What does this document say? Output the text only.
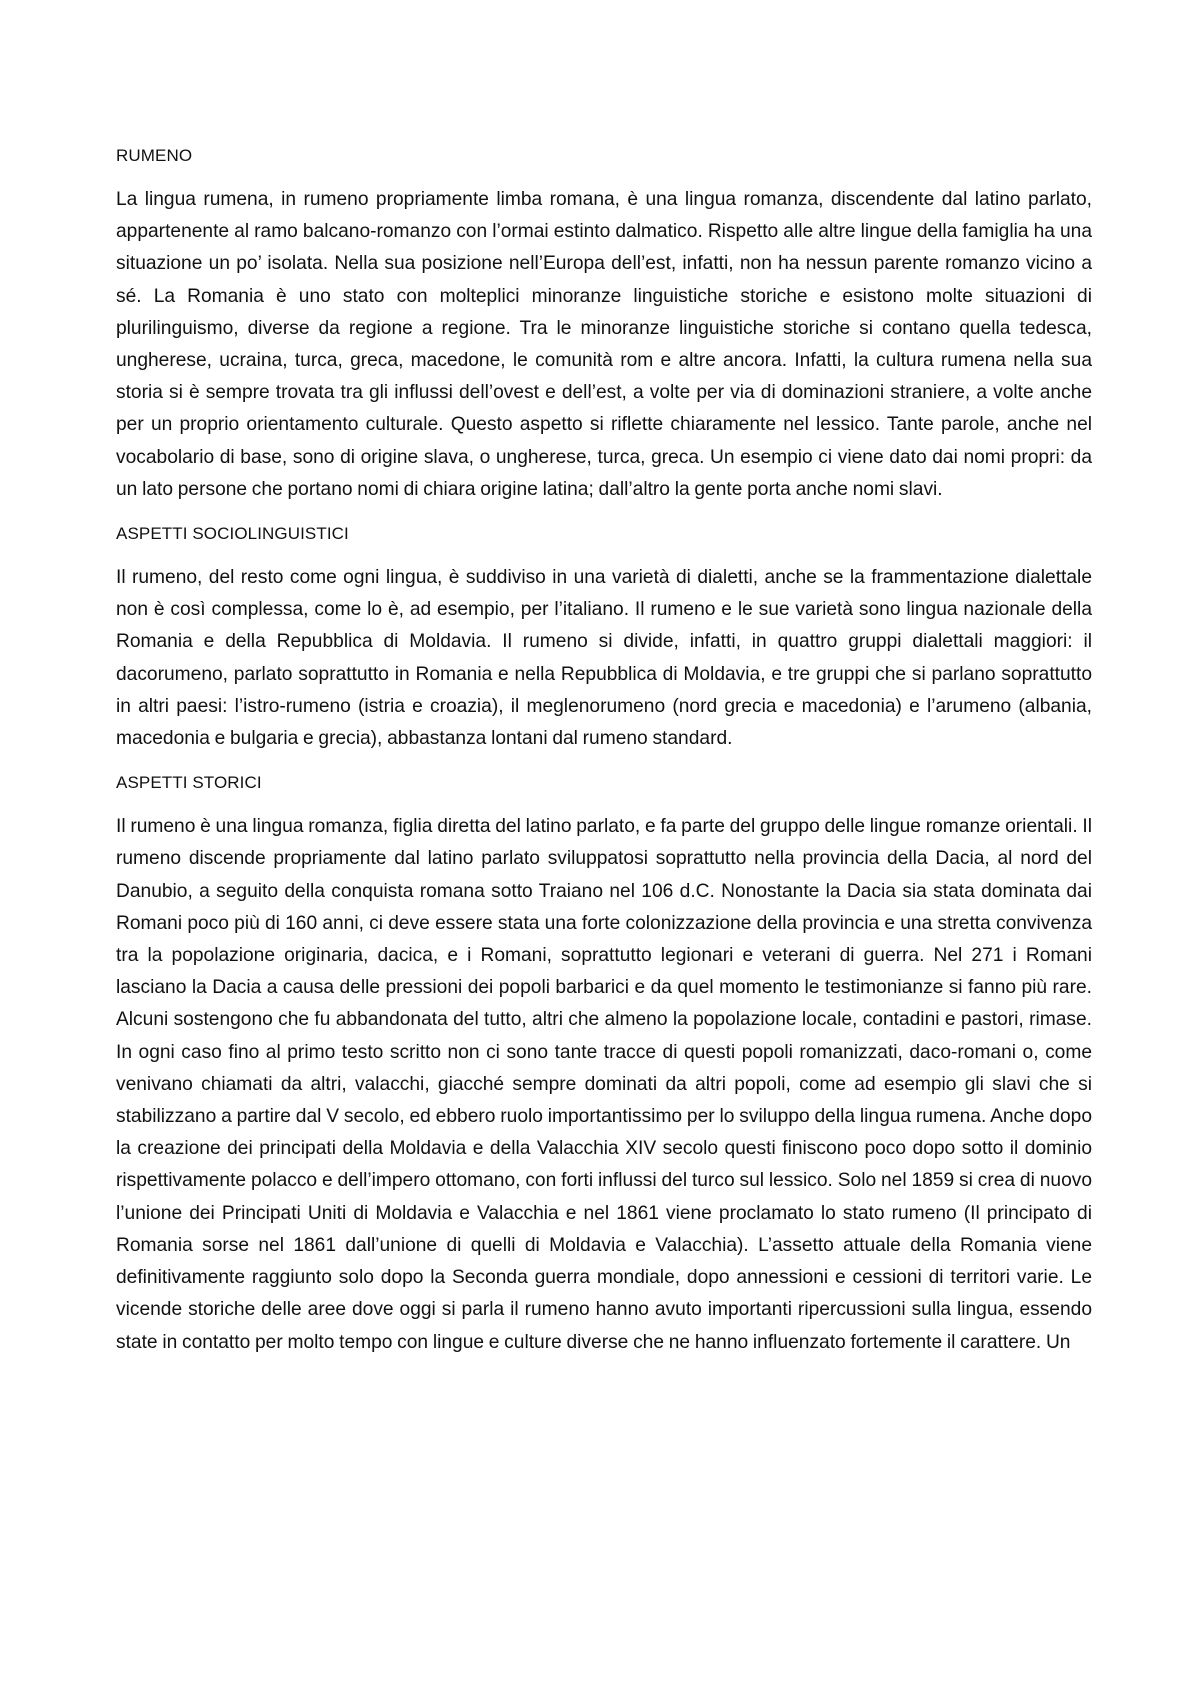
RUMENO

La lingua rumena, in rumeno propriamente limba romana, è una lingua romanza, discendente dal latino parlato, appartenente al ramo balcano-romanzo con l’ormai estinto dalmatico. Rispetto alle altre lingue della famiglia ha una situazione un po’ isolata. Nella sua posizione nell’Europa dell’est, infatti, non ha nessun parente romanzo vicino a sé. La Romania è uno stato con molteplici minoranze linguistiche storiche e esistono molte situazioni di plurilinguismo, diverse da regione a regione. Tra le minoranze linguistiche storiche si contano quella tedesca, ungherese, ucraina, turca, greca, macedone, le comunità rom e altre ancora. Infatti, la cultura rumena nella sua storia si è sempre trovata tra gli influssi dell’ovest e dell’est, a volte per via di dominazioni straniere, a volte anche per un proprio orientamento culturale. Questo aspetto si riflette chiaramente nel lessico. Tante parole, anche nel vocabolario di base, sono di origine slava, o ungherese, turca, greca. Un esempio ci viene dato dai nomi propri: da un lato persone che portano nomi di chiara origine latina; dall’altro la gente porta anche nomi slavi.

ASPETTI SOCIOLINGUISTICI

Il rumeno, del resto come ogni lingua, è suddiviso in una varietà di dialetti, anche se la frammentazione dialettale non è così complessa, come lo è, ad esempio, per l’italiano. Il rumeno e le sue varietà sono lingua nazionale della Romania e della Repubblica di Moldavia. Il rumeno si divide, infatti, in quattro gruppi dialettali maggiori: il dacorumeno, parlato soprattutto in Romania e nella Repubblica di Moldavia, e tre gruppi che si parlano soprattutto in altri paesi: l’istro-rumeno (istria e croazia), il meglenorumeno (nord grecia e macedonia) e l’arumeno (albania, macedonia e bulgaria e grecia), abbastanza lontani dal rumeno standard.

ASPETTI STORICI

Il rumeno è una lingua romanza, figlia diretta del latino parlato, e fa parte del gruppo delle lingue romanze orientali. Il rumeno discende propriamente dal latino parlato sviluppatosi soprattutto nella provincia della Dacia, al nord del Danubio, a seguito della conquista romana sotto Traiano nel 106 d.C. Nonostante la Dacia sia stata dominata dai Romani poco più di 160 anni, ci deve essere stata una forte colonizzazione della provincia e una stretta convivenza tra la popolazione originaria, dacica, e i Romani, soprattutto legionari e veterani di guerra. Nel 271 i Romani lasciano la Dacia a causa delle pressioni dei popoli barbarici e da quel momento le testimonianze si fanno più rare. Alcuni sostengono che fu abbandonata del tutto, altri che almeno la popolazione locale, contadini e pastori, rimase. In ogni caso fino al primo testo scritto non ci sono tante tracce di questi popoli romanizzati, daco-romani o, come venivano chiamati da altri, valacchi, giacché sempre dominati da altri popoli, come ad esempio gli slavi che si stabilizzano a partire dal V secolo, ed ebbero ruolo importantissimo per lo sviluppo della lingua rumena. Anche dopo la creazione dei principati della Moldavia e della Valacchia XIV secolo questi finiscono poco dopo sotto il dominio rispettivamente polacco e dell’impero ottomano, con forti influssi del turco sul lessico. Solo nel 1859 si crea di nuovo l’unione dei Principati Uniti di Moldavia e Valacchia e nel 1861 viene proclamato lo stato rumeno (Il principato di Romania sorse nel 1861 dall’unione di quelli di Moldavia e Valacchia). L’assetto attuale della Romania viene definitivamente raggiunto solo dopo la Seconda guerra mondiale, dopo annessioni e cessioni di territori varie. Le vicende storiche delle aree dove oggi si parla il rumeno hanno avuto importanti ripercussioni sulla lingua, essendo state in contatto per molto tempo con lingue e culture diverse che ne hanno influenzato fortemente il carattere. Un
